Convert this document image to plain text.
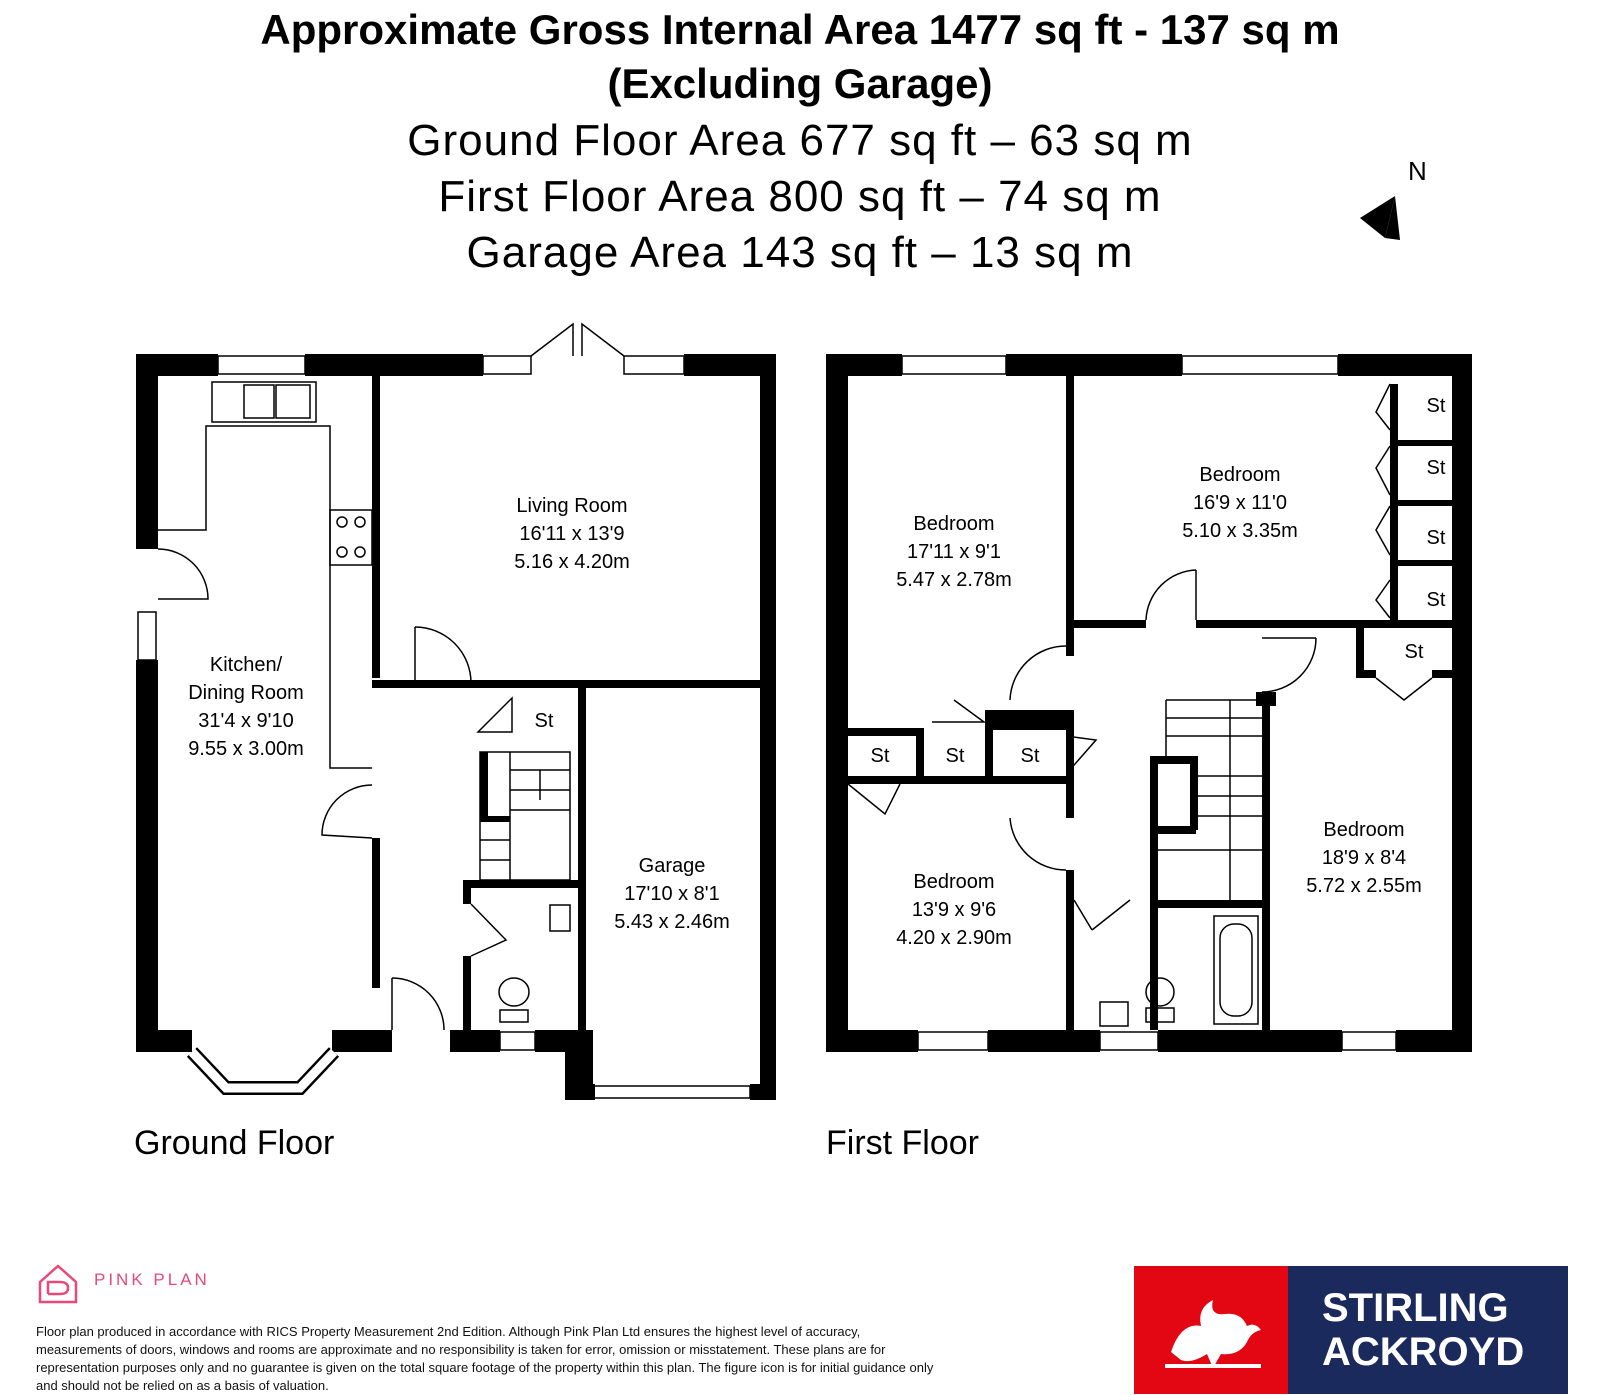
Approximate Gross Internal Area 1477 sq ft - 137 sq m
(Excluding Garage)
Ground Floor Area 677 sq ft – 63 sq m
First Floor Area 800 sq ft – 74 sq m
Garage Area 143 sq ft – 13 sq m
N
Kitchen/
Dining Room
31'4 x 9'10
9.55 x 3.00m
Living Room
16'11 x 13'9
5.16 x 4.20m
Garage
17'10 x 8'1
5.43 x 2.46m
St
Bedroom
17'11 x 9'1
5.47 x 2.78m
Bedroom
16'9 x 11'0
5.10 x 3.35m
Bedroom
13'9 x 9'6
4.20 x 2.90m
Bedroom
18'9 x 8'4
5.72 x 2.55m
St
St
St
St
St
St	St	St
Ground Floor	First Floor
PINK PLAN
Floor plan produced in accordance with RICS Property Measurement 2nd Edition. Although Pink Plan Ltd ensures the highest level of accuracy, measurements of doors, windows and rooms are approximate and no responsibility is taken for error, omission or misstatement. These plans are for representation purposes only and no guarantee is given on the total square footage of the property within this plan. The figure icon is for initial guidance only and should not be relied on as a basis of valuation.
STIRLING
ACKROYD
